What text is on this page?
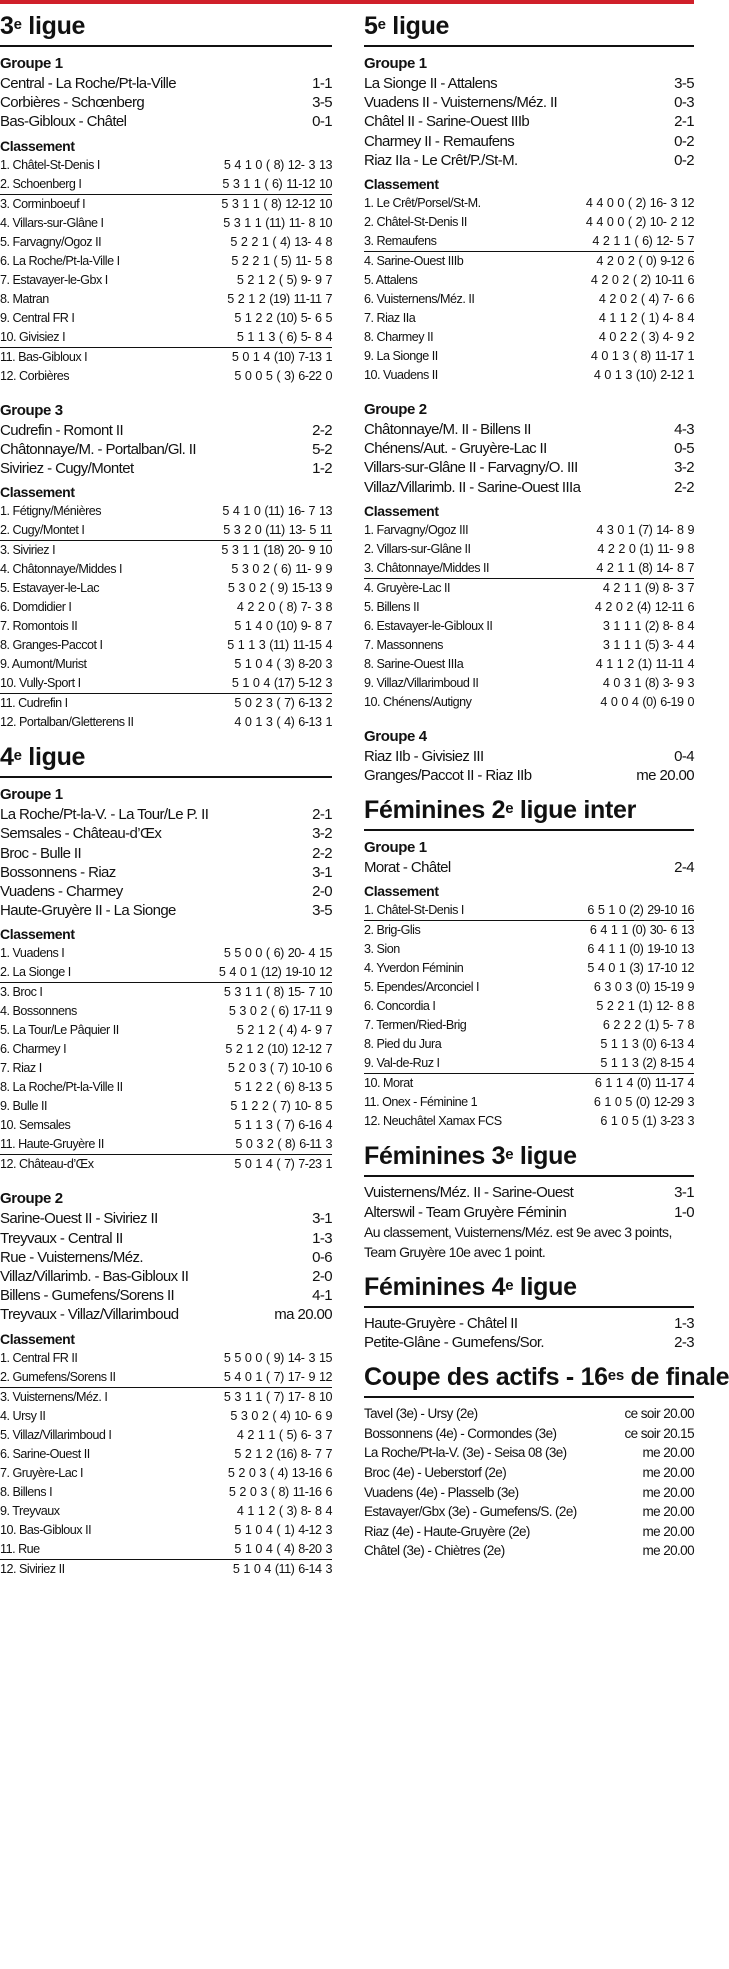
3e ligue
Groupe 1
Central - La Roche/Pt-la-Ville	1-1
Corbières - Schœnberg	3-5
Bas-Gibloux - Châtel	0-1
Classement
1. Châtel-St-Denis I	5 4 1 0 ( 8) 12- 3 13
2. Schoenberg I	5 3 1 1 ( 6) 11-12 10
3. Corminboeuf I	5 3 1 1 ( 8) 12-12 10
4. Villars-sur-Glâne I	5 3 1 1 (11) 11- 8 10
5. Farvagny/Ogoz II	5 2 2 1 ( 4) 13- 4 8
6. La Roche/Pt-la-Ville I	5 2 2 1 ( 5) 11- 5 8
7. Estavayer-le-Gbx I	5 2 1 2 ( 5) 9- 9 7
8. Matran	5 2 1 2 (19) 11-11 7
9. Central FR I	5 1 2 2 (10) 5- 6 5
10. Givisiez I	5 1 1 3 ( 6) 5- 8 4
11. Bas-Gibloux I	5 0 1 4 (10) 7-13 1
12. Corbières	5 0 0 5 ( 3) 6-22 0
Groupe 3
Cudrefin - Romont II	2-2
Châtonnaye/M. - Portalban/Gl. II	5-2
Siviriez - Cugy/Montet	1-2
Classement
1. Fétigny/Ménières	5 4 1 0 (11) 16- 7 13
2. Cugy/Montet I	5 3 2 0 (11) 13- 5 11
3. Siviriez I	5 3 1 1 (18) 20- 9 10
4. Châtonnaye/Middes I	5 3 0 2 ( 6) 11- 9 9
5. Estavayer-le-Lac	5 3 0 2 ( 9) 15-13 9
6. Domdidier I	4 2 2 0 ( 8) 7- 3 8
7. Romontois II	5 1 4 0 (10) 9- 8 7
8. Granges-Paccot I	5 1 1 3 (11) 11-15 4
9. Aumont/Murist	5 1 0 4 ( 3) 8-20 3
10. Vully-Sport I	5 1 0 4 (17) 5-12 3
11. Cudrefin I	5 0 2 3 ( 7) 6-13 2
12. Portalban/Gletterens II	4 0 1 3 ( 4) 6-13 1
4e ligue
Groupe 1
La Roche/Pt-la-V. - La Tour/Le P. II	2-1
Semsales - Château-d’Œx	3-2
Broc - Bulle II	2-2
Bossonnens - Riaz	3-1
Vuadens - Charmey	2-0
Haute-Gruyère II - La Sionge	3-5
Classement
1. Vuadens I	5 5 0 0 ( 6) 20- 4 15
2. La Sionge I	5 4 0 1 (12) 19-10 12
3. Broc I	5 3 1 1 ( 8) 15- 7 10
4. Bossonnens	5 3 0 2 ( 6) 17-11 9
5. La Tour/Le Pâquier II	5 2 1 2 ( 4) 4- 9 7
6. Charmey I	5 2 1 2 (10) 12-12 7
7. Riaz I	5 2 0 3 ( 7) 10-10 6
8. La Roche/Pt-la-Ville II	5 1 2 2 ( 6) 8-13 5
9. Bulle II	5 1 2 2 ( 7) 10- 8 5
10. Semsales	5 1 1 3 ( 7) 6-16 4
11. Haute-Gruyère II	5 0 3 2 ( 8) 6-11 3
12. Château-d’Œx	5 0 1 4 ( 7) 7-23 1
Groupe 2
Sarine-Ouest II - Siviriez II	3-1
Treyvaux - Central II	1-3
Rue - Vuisternens/Méz.	0-6
Villaz/Villarimb. - Bas-Gibloux II	2-0
Billens - Gumefens/Sorens II	4-1
Treyvaux - Villaz/Villarimboud	ma 20.00
Classement
1. Central FR II	5 5 0 0 ( 9) 14- 3 15
2. Gumefens/Sorens II	5 4 0 1 ( 7) 17- 9 12
3. Vuisternens/Méz. I	5 3 1 1 ( 7) 17- 8 10
4. Ursy II	5 3 0 2 ( 4) 10- 6 9
5. Villaz/Villarimboud I	4 2 1 1 ( 5) 6- 3 7
6. Sarine-Ouest II	5 2 1 2 (16) 8- 7 7
7. Gruyère-Lac I	5 2 0 3 ( 4) 13-16 6
8. Billens I	5 2 0 3 ( 8) 11-16 6
9. Treyvaux	4 1 1 2 ( 3) 8- 8 4
10. Bas-Gibloux II	5 1 0 4 ( 1) 4-12 3
11. Rue	5 1 0 4 ( 4) 8-20 3
12. Siviriez II	5 1 0 4 (11) 6-14 3
5e ligue
Groupe 1
La Sionge II - Attalens	3-5
Vuadens II - Vuisternens/Méz. II	0-3
Châtel II - Sarine-Ouest IIIb	2-1
Charmey II - Remaufens	0-2
Riaz IIa - Le Crêt/P./St-M.	0-2
Classement
1. Le Crêt/Porsel/St-M.	4 4 0 0 ( 2) 16- 3 12
2. Châtel-St-Denis II	4 4 0 0 ( 2) 10- 2 12
3. Remaufens	4 2 1 1 ( 6) 12- 5 7
4. Sarine-Ouest IIIb	4 2 0 2 ( 0) 9-12 6
5. Attalens	4 2 0 2 ( 2) 10-11 6
6. Vuisternens/Méz. II	4 2 0 2 ( 4) 7- 6 6
7. Riaz IIa	4 1 1 2 ( 1) 4- 8 4
8. Charmey II	4 0 2 2 ( 3) 4- 9 2
9. La Sionge II	4 0 1 3 ( 8) 11-17 1
10. Vuadens II	4 0 1 3 (10) 2-12 1
Groupe 2
Châtonnaye/M. II - Billens II	4-3
Chénens/Aut. - Gruyère-Lac II	0-5
Villars-sur-Glâne II - Farvagny/O. III	3-2
Villaz/Villarimb. II - Sarine-Ouest IIIa	2-2
Classement
1. Farvagny/Ogoz III	4 3 0 1 (7) 14- 8 9
2. Villars-sur-Glâne II	4 2 2 0 (1) 11- 9 8
3. Châtonnaye/Middes II	4 2 1 1 (8) 14- 8 7
4. Gruyère-Lac II	4 2 1 1 (9) 8- 3 7
5. Billens II	4 2 0 2 (4) 12-11 6
6. Estavayer-le-Gibloux II	3 1 1 1 (2) 8- 8 4
7. Massonnens	3 1 1 1 (5) 3- 4 4
8. Sarine-Ouest IIIa	4 1 1 2 (1) 11-11 4
9. Villaz/Villarimboud II	4 0 3 1 (8) 3- 9 3
10. Chénens/Autigny	4 0 0 4 (0) 6-19 0
Groupe 4
Riaz IIb - Givisiez III	0-4
Granges/Paccot II - Riaz IIb	me 20.00
Féminines 2e ligue inter
Groupe 1
Morat - Châtel	2-4
Classement
1. Châtel-St-Denis I	6 5 1 0 (2) 29-10 16
2. Brig-Glis	6 4 1 1 (0) 30- 6 13
3. Sion	6 4 1 1 (0) 19-10 13
4. Yverdon Féminin	5 4 0 1 (3) 17-10 12
5. Ependes/Arconciel I	6 3 0 3 (0) 15-19 9
6. Concordia I	5 2 2 1 (1) 12- 8 8
7. Termen/Ried-Brig	6 2 2 2 (1) 5- 7 8
8. Pied du Jura	5 1 1 3 (0) 6-13 4
9. Val-de-Ruz I	5 1 1 3 (2) 8-15 4
10. Morat	6 1 1 4 (0) 11-17 4
11. Onex - Féminine 1	6 1 0 5 (0) 12-29 3
12. Neuchâtel Xamax FCS	6 1 0 5 (1) 3-23 3
Féminines 3e ligue
Vuisternens/Méz. II - Sarine-Ouest	3-1
Alterswil - Team Gruyère Féminin	1-0
Au classement, Vuisternens/Méz. est 9e avec 3 points, Team Gruyère 10e avec 1 point.
Féminines 4e ligue
Haute-Gruyère - Châtel II	1-3
Petite-Glâne - Gumefens/Sor.	2-3
Coupe des actifs - $16^{es}$ de finale
Tavel (3e) - Ursy (2e)	ce soir 20.00
Bossonnens (4e) - Cormondes (3e)	ce soir 20.15
La Roche/Pt-la-V. (3e) - Seisa 08 (3e)	me 20.00
Broc (4e) - Ueberstorf (2e)	me 20.00
Vuadens (4e) - Plasselb (3e)	me 20.00
Estavayer/Gbx (3e) - Gumefens/S. (2e)	me 20.00
Riaz (4e) - Haute-Gruyère (2e)	me 20.00
Châtel (3e) - Chiètres (2e)	me 20.00
